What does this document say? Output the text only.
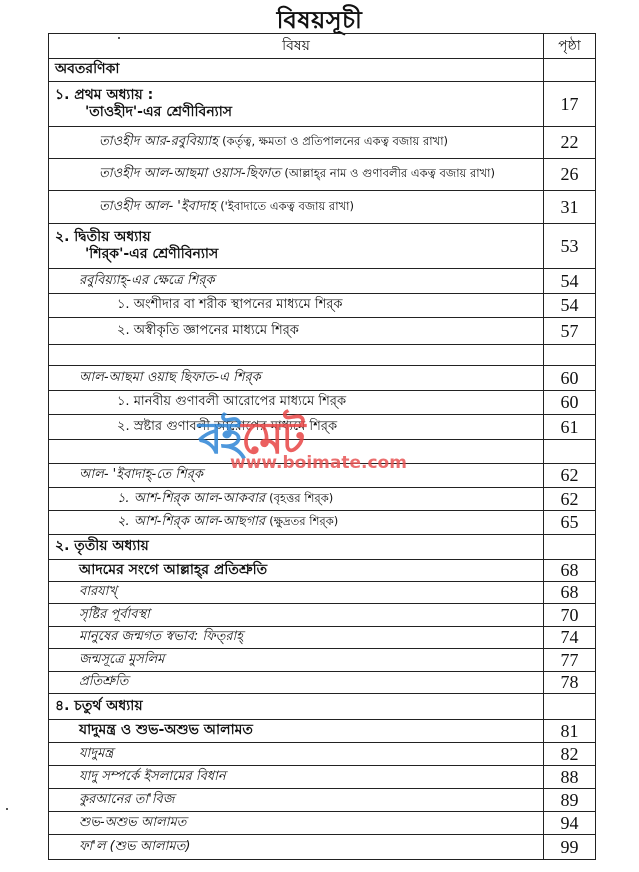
বিষয়সূচী
বিষয়	পৃষ্ঠা
অবতরণিকা	

১. প্রথম অধ্যায় :
'তাওহীদ'-এর শ্রেণীবিন্যাস	17
তাওহীদ আর-রবুবিয়্যাহ (কর্তৃত্ব, ক্ষমতা ও প্রতিপালনের একত্ব বজায় রাখা)	22
তাওহীদ আল-আছমা ওয়াস-ছিফাত (আল্লাহ্‌র নাম ও গুণাবলীর একত্ব বজায় রাখা)	26
তাওহীদ আল- 'ইবাদাহ ('ইবাদাতে একত্ব বজায় রাখা)	31

২. দ্বিতীয় অধ্যায়
'শির্‌ক'-এর শ্রেণীবিন্যাস	53
রবুবিয়্যাহ্‌-এর ক্ষেত্রে শির্‌ক	54
১. অংশীদার বা শরীক স্থাপনের মাধ্যমে শির্‌ক	54
২. অস্বীকৃতি জ্ঞাপনের মাধ্যমে শির্‌ক	57

আল-আছমা ওয়াছ ছিফাত-এ শির্‌ক	60
১. মানবীয় গুণাবলী আরোপের মাধ্যমে শির্‌ক	60
২. স্রষ্টার গুণাবলী আরোপের মাধ্যমে শির্‌ক	61

আল- 'ইবাদাহ্‌-তে শির্‌ক	62
১. আশ-শির্‌ক আল-আকবার (বৃহত্তর শির্‌ক)	62
২. আশ-শির্‌ক আল-আছগার (ক্ষুদ্রতর শির্‌ক)	65
২. তৃতীয় অধ্যায়	
আদমের সংগে আল্লাহ্‌র প্রতিশ্রুতি	68
বারযাখ্‌	68
সৃষ্টির পূর্বাবস্থা	70
মানুষের জন্মগত স্বভাব: ফিত্‌রাহ্‌	74
জন্মসূত্রে মুসলিম	77
প্রতিশ্রুতি	78
৪. চতুর্থ অধ্যায়	
যাদুমন্ত্র ও শুভ-অশুভ আলামত	81
যাদুমন্ত্র	82
যাদু সম্পর্কে ইসলামের বিধান	88
কুরআনের তা'বিজ	89
শুভ-অশুভ আলামত	94
ফা'ল (শুভ আলামত)	99
বইমেট
www.boimate.com
